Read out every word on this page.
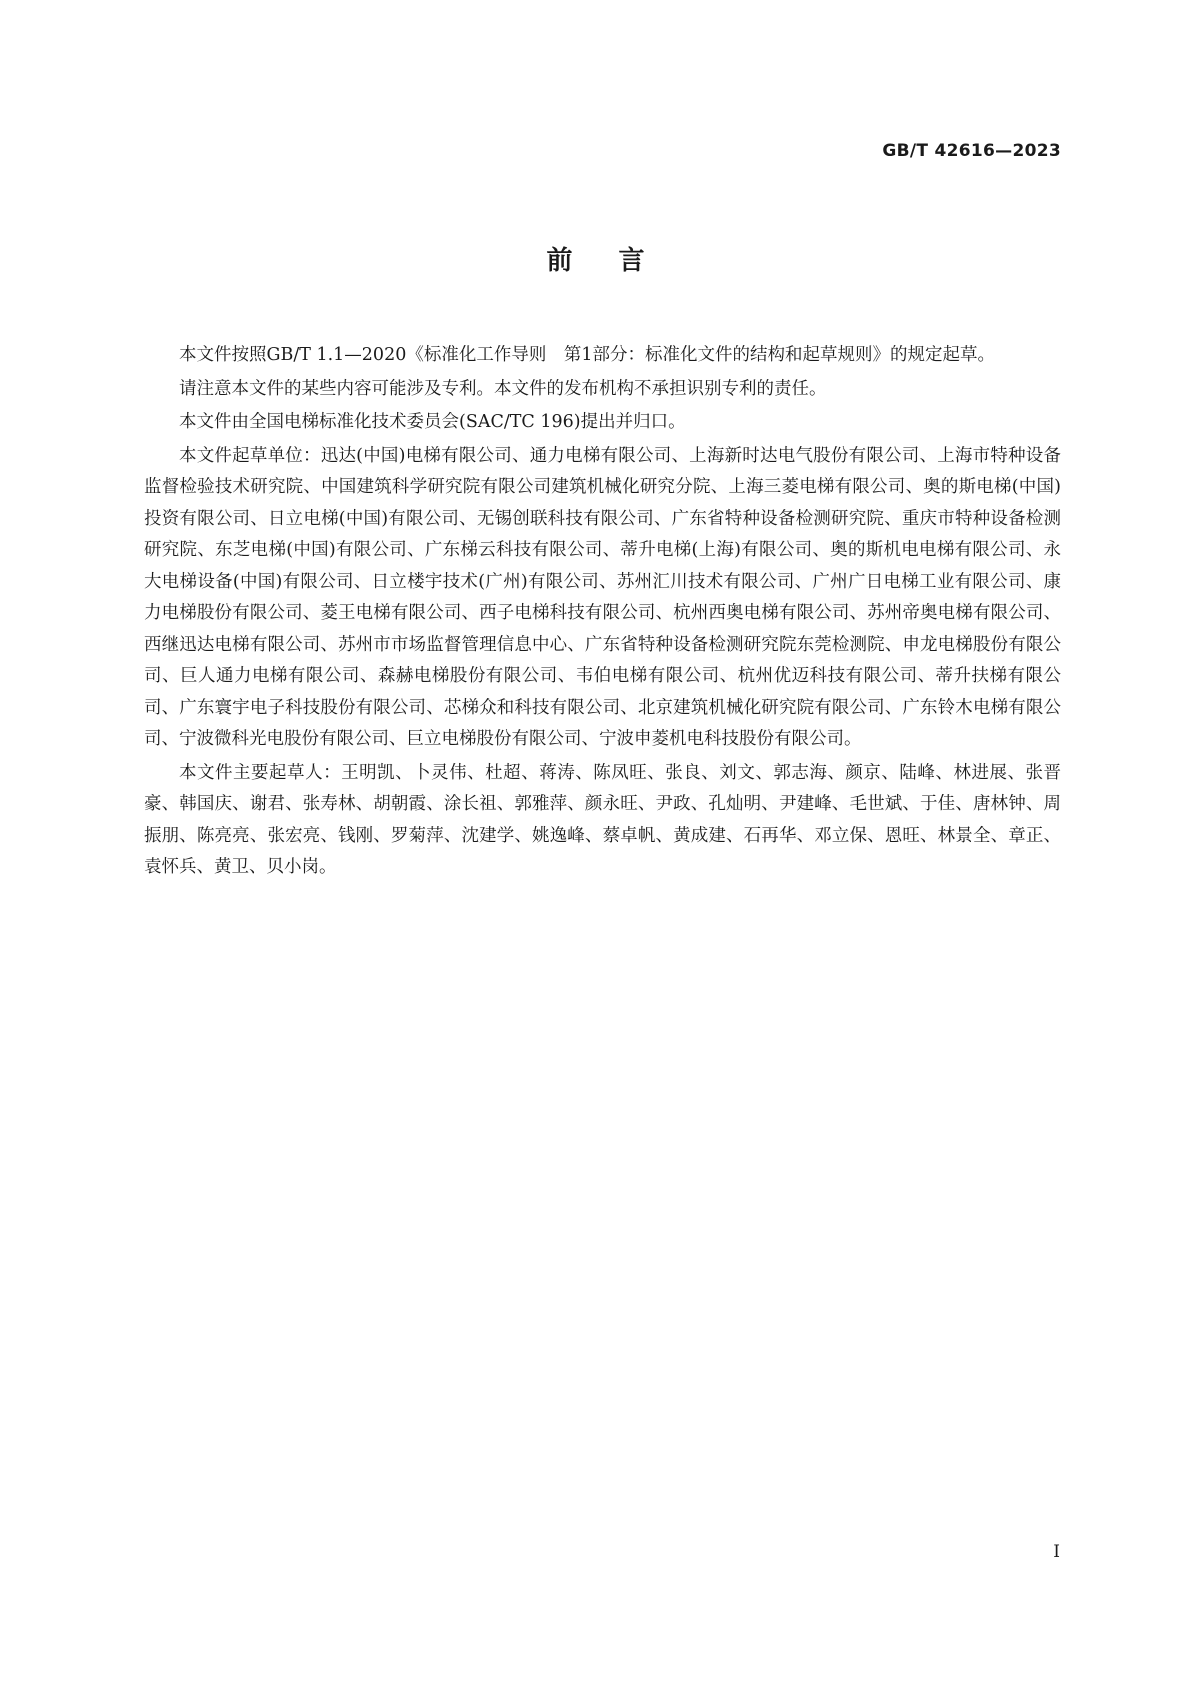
GB/T 42616—2023

前言

本文件按照GB/T 1.1—2020《标准化工作导则　第1部分：标准化文件的结构和起草规则》的规定起草。

请注意本文件的某些内容可能涉及专利。本文件的发布机构不承担识别专利的责任。

本文件由全国电梯标准化技术委员会(SAC/TC 196)提出并归口。

本文件起草单位：迅达(中国)电梯有限公司、通力电梯有限公司、上海新时达电气股份有限公司、上海市特种设备监督检验技术研究院、中国建筑科学研究院有限公司建筑机械化研究分院、上海三菱电梯有限公司、奥的斯电梯(中国)投资有限公司、日立电梯(中国)有限公司、无锡创联科技有限公司、广东省特种设备检测研究院、重庆市特种设备检测研究院、东芝电梯(中国)有限公司、广东梯云科技有限公司、蒂升电梯(上海)有限公司、奥的斯机电电梯有限公司、永大电梯设备(中国)有限公司、日立楼宇技术(广州)有限公司、苏州汇川技术有限公司、广州广日电梯工业有限公司、康力电梯股份有限公司、菱王电梯有限公司、西子电梯科技有限公司、杭州西奥电梯有限公司、苏州帝奥电梯有限公司、西继迅达电梯有限公司、苏州市市场监督管理信息中心、广东省特种设备检测研究院东莞检测院、申龙电梯股份有限公司、巨人通力电梯有限公司、森赫电梯股份有限公司、韦伯电梯有限公司、杭州优迈科技有限公司、蒂升扶梯有限公司、广东寰宇电子科技股份有限公司、芯梯众和科技有限公司、北京建筑机械化研究院有限公司、广东铃木电梯有限公司、宁波微科光电股份有限公司、巨立电梯股份有限公司、宁波申菱机电科技股份有限公司。

本文件主要起草人：王明凯、卜灵伟、杜超、蒋涛、陈凤旺、张良、刘文、郭志海、颜京、陆峰、林进展、张晋豪、韩国庆、谢君、张寿林、胡朝霞、涂长祖、郭雅萍、颜永旺、尹政、孔灿明、尹建峰、毛世斌、于佳、唐林钟、周振朋、陈亮亮、张宏亮、钱刚、罗菊萍、沈建学、姚逸峰、蔡卓帆、黄成建、石再华、邓立保、恩旺、林景全、章正、袁怀兵、黄卫、贝小岗。

I
